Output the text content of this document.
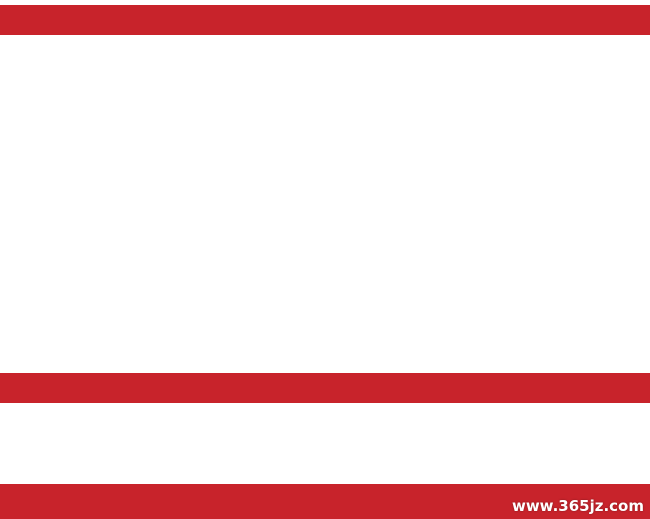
www.365jz.com
